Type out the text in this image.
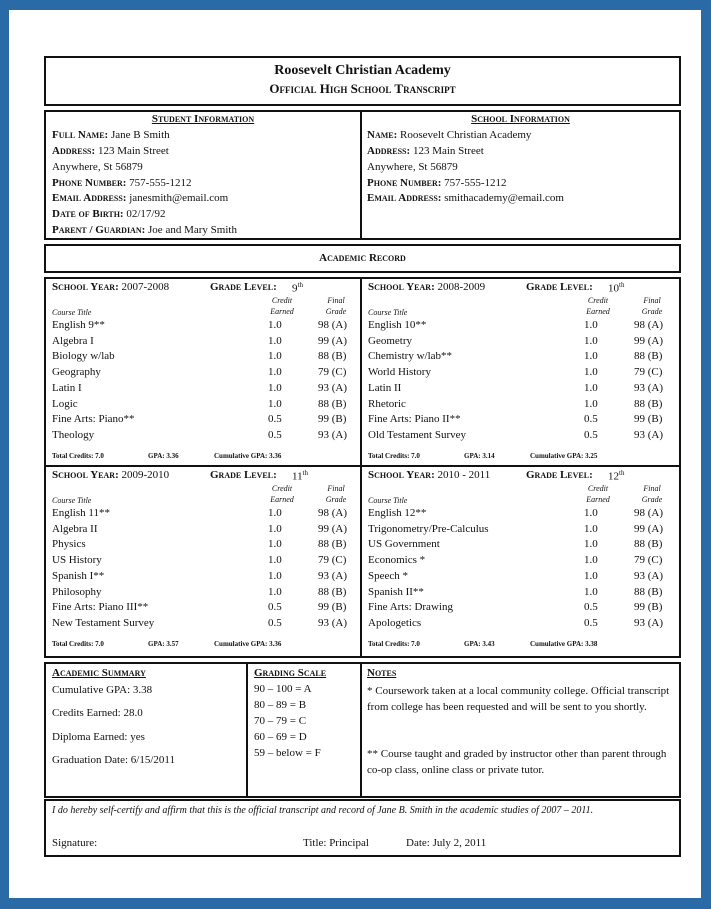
Roosevelt Christian Academy
Official High School Transcript
Student Information
Full Name: Jane B Smith
Address: 123 Main Street
Anywhere, St 56879
Phone Number: 757-555-1212
Email Address: janesmith@email.com
Date of Birth: 02/17/92
Parent / Guardian: Joe and Mary Smith
School Information
Name: Roosevelt Christian Academy
Address: 123 Main Street
Anywhere, St 56879
Phone Number: 757-555-1212
Email Address: smithacademy@email.com
Academic Record
School Year: 2007-2008	Grade Level: 9th
Credit
Earned
Final
Grade
Course Title
English 9**	1.0	98 (A)
Algebra I	1.0	99 (A)
Biology w/lab	1.0	88 (B)
Geography	1.0	79 (C)
Latin I	1.0	93 (A)
Logic	1.0	88 (B)
Fine Arts: Piano**	0.5	99 (B)
Theology	0.5	93 (A)
Total Credits: 7.0	GPA: 3.36	Cumulative GPA: 3.36
School Year: 2008-2009	Grade Level: 10th
Credit
Earned
Final
Grade
Course Title
English 10**	1.0	98 (A)
Geometry	1.0	99 (A)
Chemistry w/lab**	1.0	88 (B)
World History	1.0	79 (C)
Latin II	1.0	93 (A)
Rhetoric	1.0	88 (B)
Fine Arts: Piano II**	0.5	99 (B)
Old Testament Survey	0.5	93 (A)
Total Credits: 7.0	GPA: 3.14	Cumulative GPA: 3.25
School Year: 2009-2010	Grade Level: 11th
Credit
Earned
Final
Grade
Course Title
English 11**	1.0	98 (A)
Algebra II	1.0	99 (A)
Physics	1.0	88 (B)
US History	1.0	79 (C)
Spanish I**	1.0	93 (A)
Philosophy	1.0	88 (B)
Fine Arts: Piano III**	0.5	99 (B)
New Testament Survey	0.5	93 (A)
Total Credits: 7.0	GPA: 3.57	Cumulative GPA: 3.36
School Year: 2010 - 2011	Grade Level: 12th
Credit
Earned
Final
Grade
Course Title
English 12**	1.0	98 (A)
Trigonometry/Pre-Calculus	1.0	99 (A)
US Government	1.0	88 (B)
Economics *	1.0	79 (C)
Speech *	1.0	93 (A)
Spanish II**	1.0	88 (B)
Fine Arts: Drawing	0.5	99 (B)
Apologetics	0.5	93 (A)
Total Credits: 7.0	GPA: 3.43	Cumulative GPA: 3.38
Academic Summary
Cumulative GPA: 3.38
Credits Earned: 28.0
Diploma Earned: yes
Graduation Date: 6/15/2011
Grading Scale
90 – 100 = A
80 – 89 = B
70 – 79 = C
60 – 69 = D
59 – below = F
Notes
* Coursework taken at a local community college. Official transcript from college has been requested and will be sent to you shortly.
** Course taught and graded by instructor other than parent through co-op class, online class or private tutor.
I do hereby self-certify and affirm that this is the official transcript and record of Jane B. Smith in the academic studies of 2007 – 2011.
Signature:	Title: Principal	Date: July 2, 2011
